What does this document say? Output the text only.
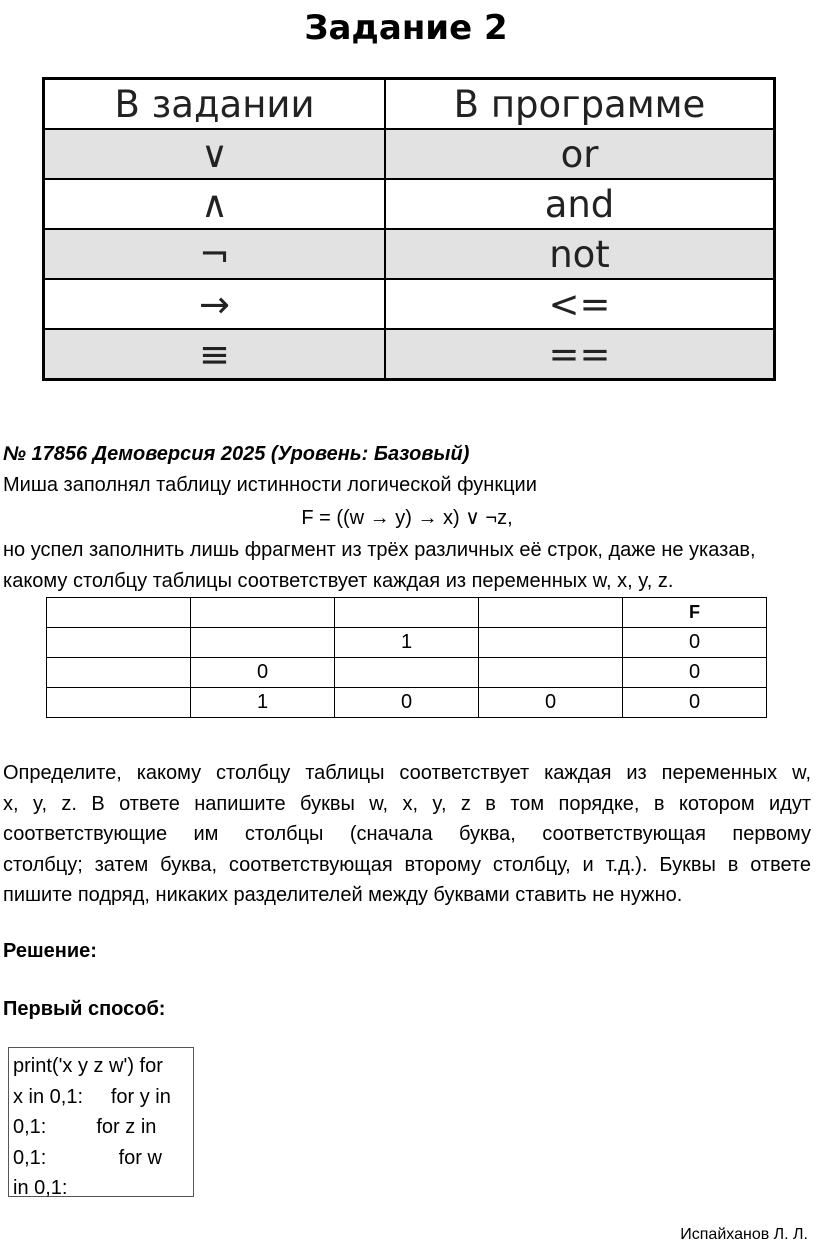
Задание 2
В задании	В программе
∨	or
∧	and
¬	not
→	<=
≡	==
№ 17856 Демоверсия 2025 (Уровень: Базовый)
Миша заполнял таблицу истинности логической функции
F = ((w → y) → x) ∨ ¬z,
но успел заполнить лишь фрагмент из трёх различных её строк, даже не указав,
какому столбцу таблицы соответствует каждая из переменных w, x, y, z.
				F
		1		0
	0			0
	1	0	0	0
Определите, какому столбцу таблицы соответствует каждая из переменных w,
x, y, z. В ответе напишите буквы w, x, y, z в том порядке, в котором идут
соответствующие им столбцы (сначала буква, соответствующая первому
столбцу; затем буква, соответствующая второму столбцу, и т.д.). Буквы в ответе
пишите подряд, никаких разделителей между буквами ставить не нужно.
Решение:
Первый способ:
print('x y z w') for
x in 0,1:     for y in
0,1:         for z in
0,1:             for w
in 0,1:
Испайханов Л. Л.
